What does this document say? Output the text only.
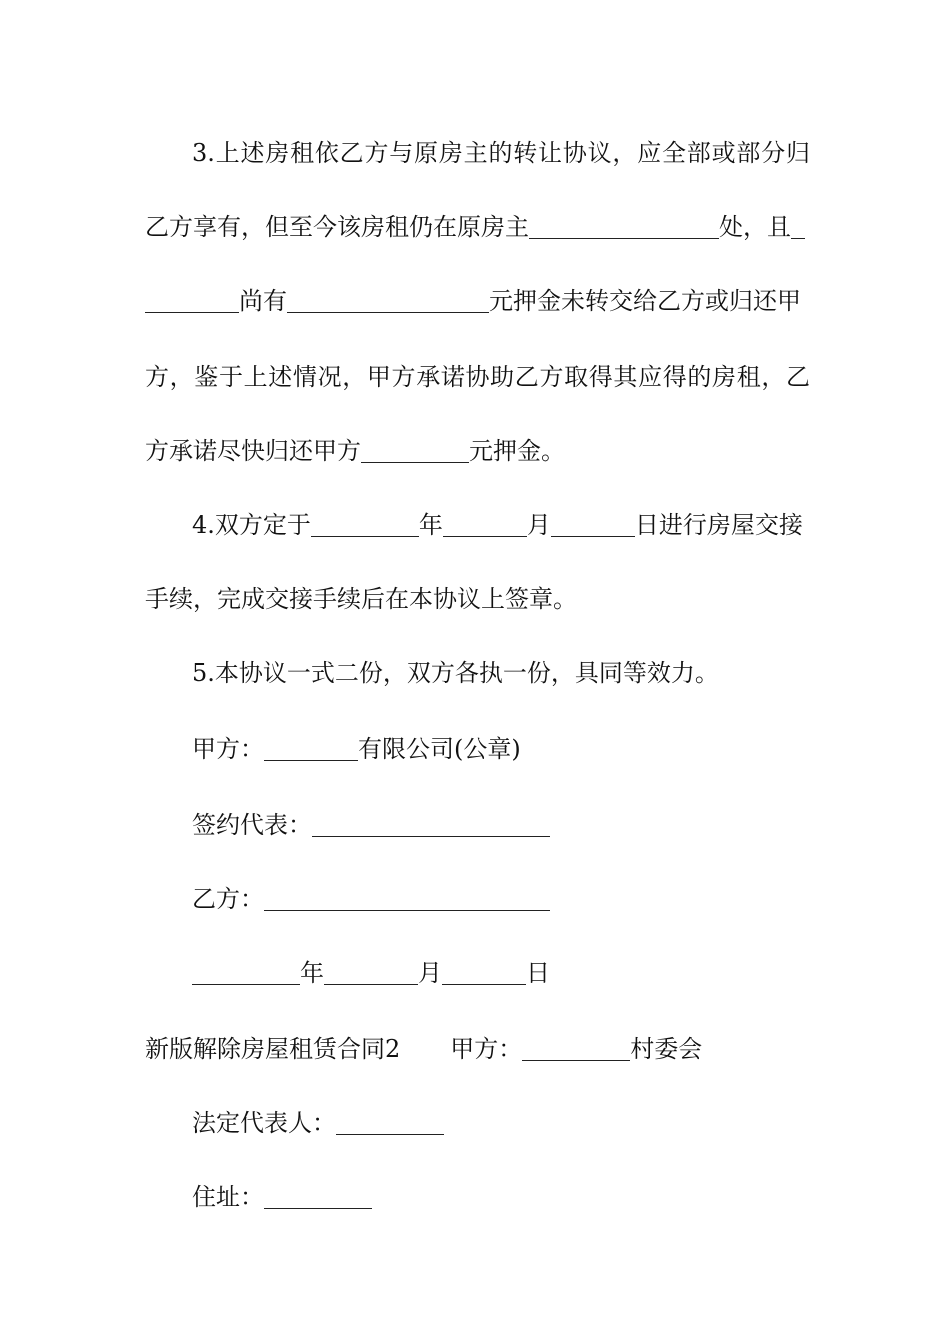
3.上述房租依乙方与原房主的转让协议，应全部或部分归
乙方享有，但至今该房租仍在原房主	处，且
尚有	元押金未转交给乙方或归还甲
方，鉴于上述情况，甲方承诺协助乙方取得其应得的房租，乙
方承诺尽快归还甲方	元押金。
4.双方定于	年	月	日进行房屋交接
手续，完成交接手续后在本协议上签章。
5.本协议一式二份，双方各执一份，具同等效力。
甲方：	有限公司(公章)
签约代表：
乙方：
年	月	日
新版解除房屋租赁合同2 甲方：	村委会
法定代表人：
住址：
